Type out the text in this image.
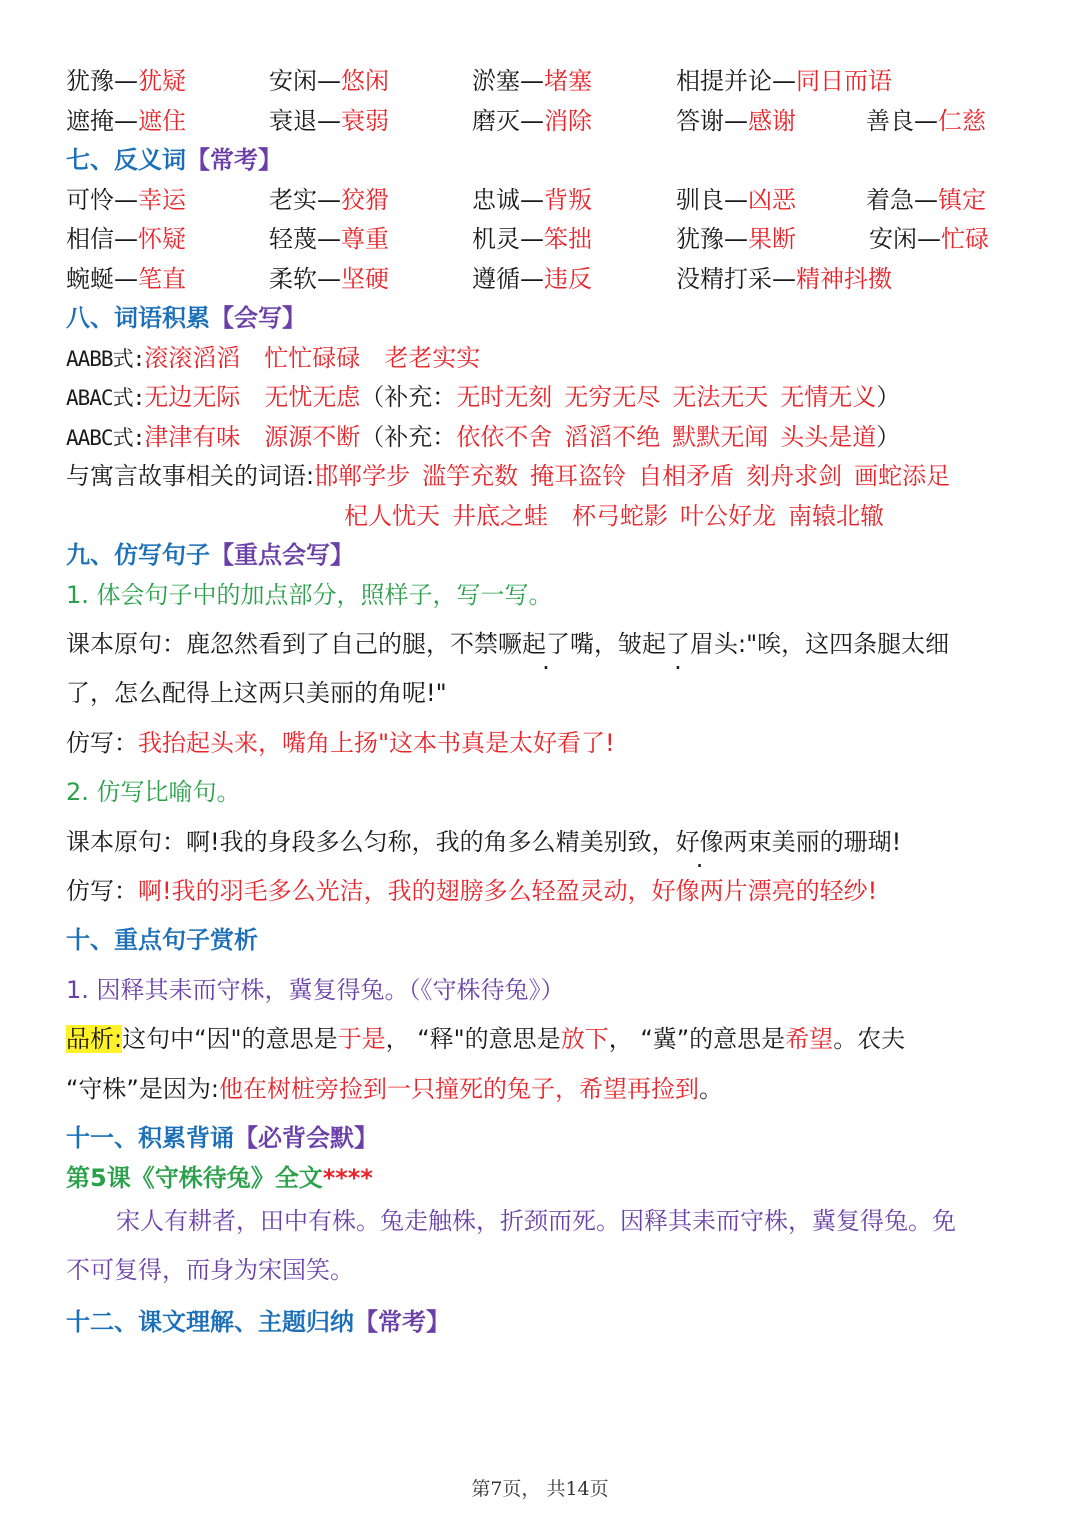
犹豫—犹疑	安闲—悠闲	淤塞—堵塞	相提并论—同日而语
遮掩—遮住	衰退—衰弱	磨灭—消除	答谢—感谢	善良—仁慈
七、反义词【常考】
可怜—幸运	老实—狡猾	忠诚—背叛	驯良—凶恶	着急—镇定
相信—怀疑	轻蔑—尊重	机灵—笨拙	犹豫—果断	安闲—忙碌
蜿蜒—笔直	柔软—坚硬	遵循—违反	没精打采—精神抖擞
八、词语积累【会写】
AABB式:滚滚滔滔 忙忙碌碌 老老实实
ABAC式:无边无际 无忧无虑（补充：无时无刻 无穷无尽 无法无天 无情无义）
AABC式:津津有味 源源不断（补充：依依不舍 滔滔不绝 默默无闻 头头是道）
与寓言故事相关的词语:邯郸学步 滥竽充数 掩耳盗铃 自相矛盾 刻舟求剑 画蛇添足
杞人忧天 井底之蛙 杯弓蛇影 叶公好龙 南辕北辙
九、仿写句子【重点会写】
1. 体会句子中的加点部分，照样子，写一写。
课本原句：鹿忽然看到了自己的腿，不禁噘起了嘴，皱起了眉头 ·:"唉，这四条腿太细
了，怎么配得上这两只美丽的角呢!"
仿写：我抬起头来，嘴角上扬"这本书真是太好看了!
2. 仿写比喻句。
课本原句：啊!我的身段多么匀称，我的角多么精美别致，好像两束美丽的珊瑚!
仿写：啊!我的羽毛多么光洁，我的翅膀多么轻盈灵动，好像两片漂亮的轻纱!
十、重点句子赏析
1. 因释其耒而守株，冀复得兔。（《守株待兔》）
品析:这句中“因"的意思是于是， “释"的意思是放下， “冀”的意思是希望。农夫
“守株”是因为:他在树桩旁捡到一只撞死的兔子，希望再捡到。
十一、积累背诵【必背会默】
第5课《守株待兔》全文****
宋人有耕者，田中有株。兔走触株，折颈而死。因释其耒而守株，冀复得兔。免
不可复得，而身为宋国笑。
十二、课文理解、主题归纳【常考】
第7页， 共14页
